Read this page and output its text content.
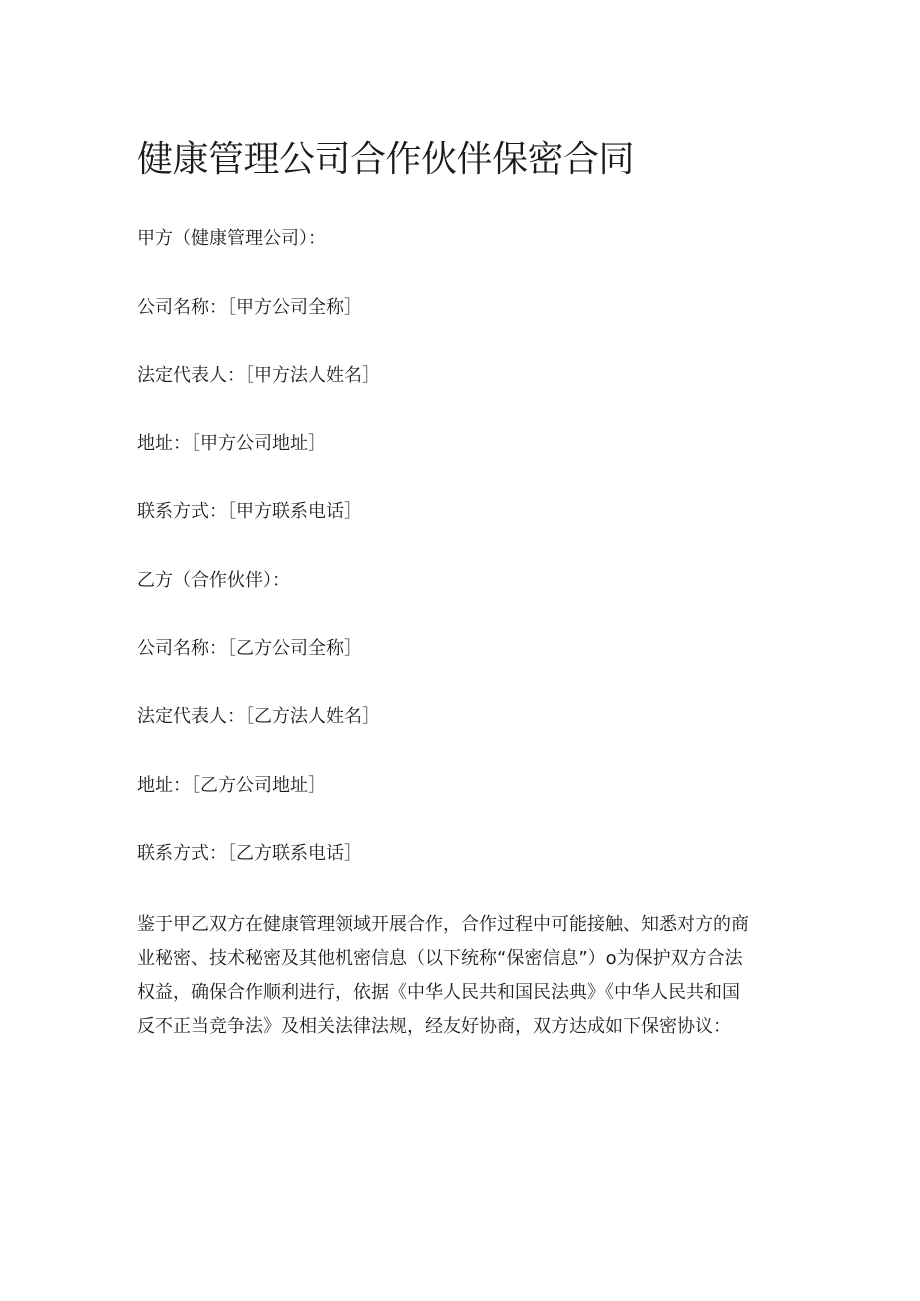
健康管理公司合作伙伴保密合同

甲方（健康管理公司）：

公司名称：［甲方公司全称］

法定代表人：［甲方法人姓名］

地址：［甲方公司地址］

联系方式：［甲方联系电话］

乙方（合作伙伴）：

公司名称：［乙方公司全称］

法定代表人：［乙方法人姓名］

地址：［乙方公司地址］

联系方式：［乙方联系电话］

鉴于甲乙双方在健康管理领域开展合作，合作过程中可能接触、知悉对方的商
业秘密、技术秘密及其他机密信息（以下统称“保密信息”）o为保护双方合法
权益，确保合作顺利进行，依据《中华人民共和国民法典》《中华人民共和国
反不正当竞争法》及相关法律法规，经友好协商，双方达成如下保密协议：
